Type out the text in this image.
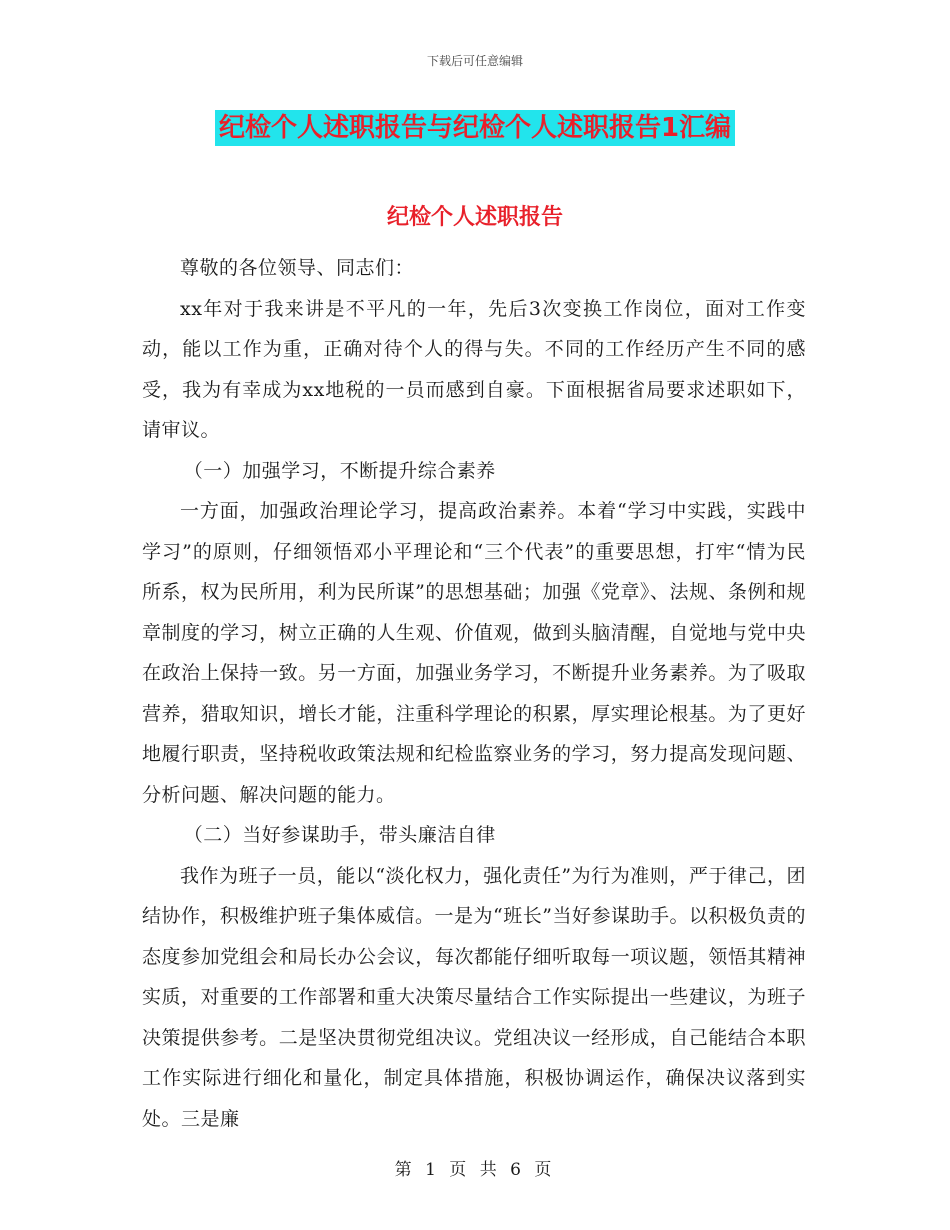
下载后可任意编辑
纪检个人述职报告与纪检个人述职报告1汇编
纪检个人述职报告

尊敬的各位领导、同志们：

xx年对于我来讲是不平凡的一年，先后3次变换工作岗位，面对工作变动，能以工作为重，正确对待个人的得与失。不同的工作经历产生不同的感受，我为有幸成为xx地税的一员而感到自豪。下面根据省局要求述职如下，请审议。

（一）加强学习，不断提升综合素养

一方面，加强政治理论学习，提高政治素养。本着“学习中实践，实践中学习”的原则，仔细领悟邓小平理论和“三个代表”的重要思想，打牢“情为民所系，权为民所用，利为民所谋”的思想基础；加强《党章》、法规、条例和规章制度的学习，树立正确的人生观、价值观，做到头脑清醒，自觉地与党中央在政治上保持一致。另一方面，加强业务学习，不断提升业务素养。为了吸取营养，猎取知识，增长才能，注重科学理论的积累，厚实理论根基。为了更好地履行职责，坚持税收政策法规和纪检监察业务的学习，努力提高发现问题、分析问题、解决问题的能力。

（二）当好参谋助手，带头廉洁自律

我作为班子一员，能以“淡化权力，强化责任”为行为准则，严于律己，团结协作，积极维护班子集体威信。一是为“班长”当好参谋助手。以积极负责的态度参加党组会和局长办公会议，每次都能仔细听取每一项议题，领悟其精神实质，对重要的工作部署和重大决策尽量结合工作实际提出一些建议，为班子决策提供参考。二是坚决贯彻党组决议。党组决议一经形成，自己能结合本职工作实际进行细化和量化，制定具体措施，积极协调运作，确保决议落到实处。三是廉

第 1 页 共 6 页
